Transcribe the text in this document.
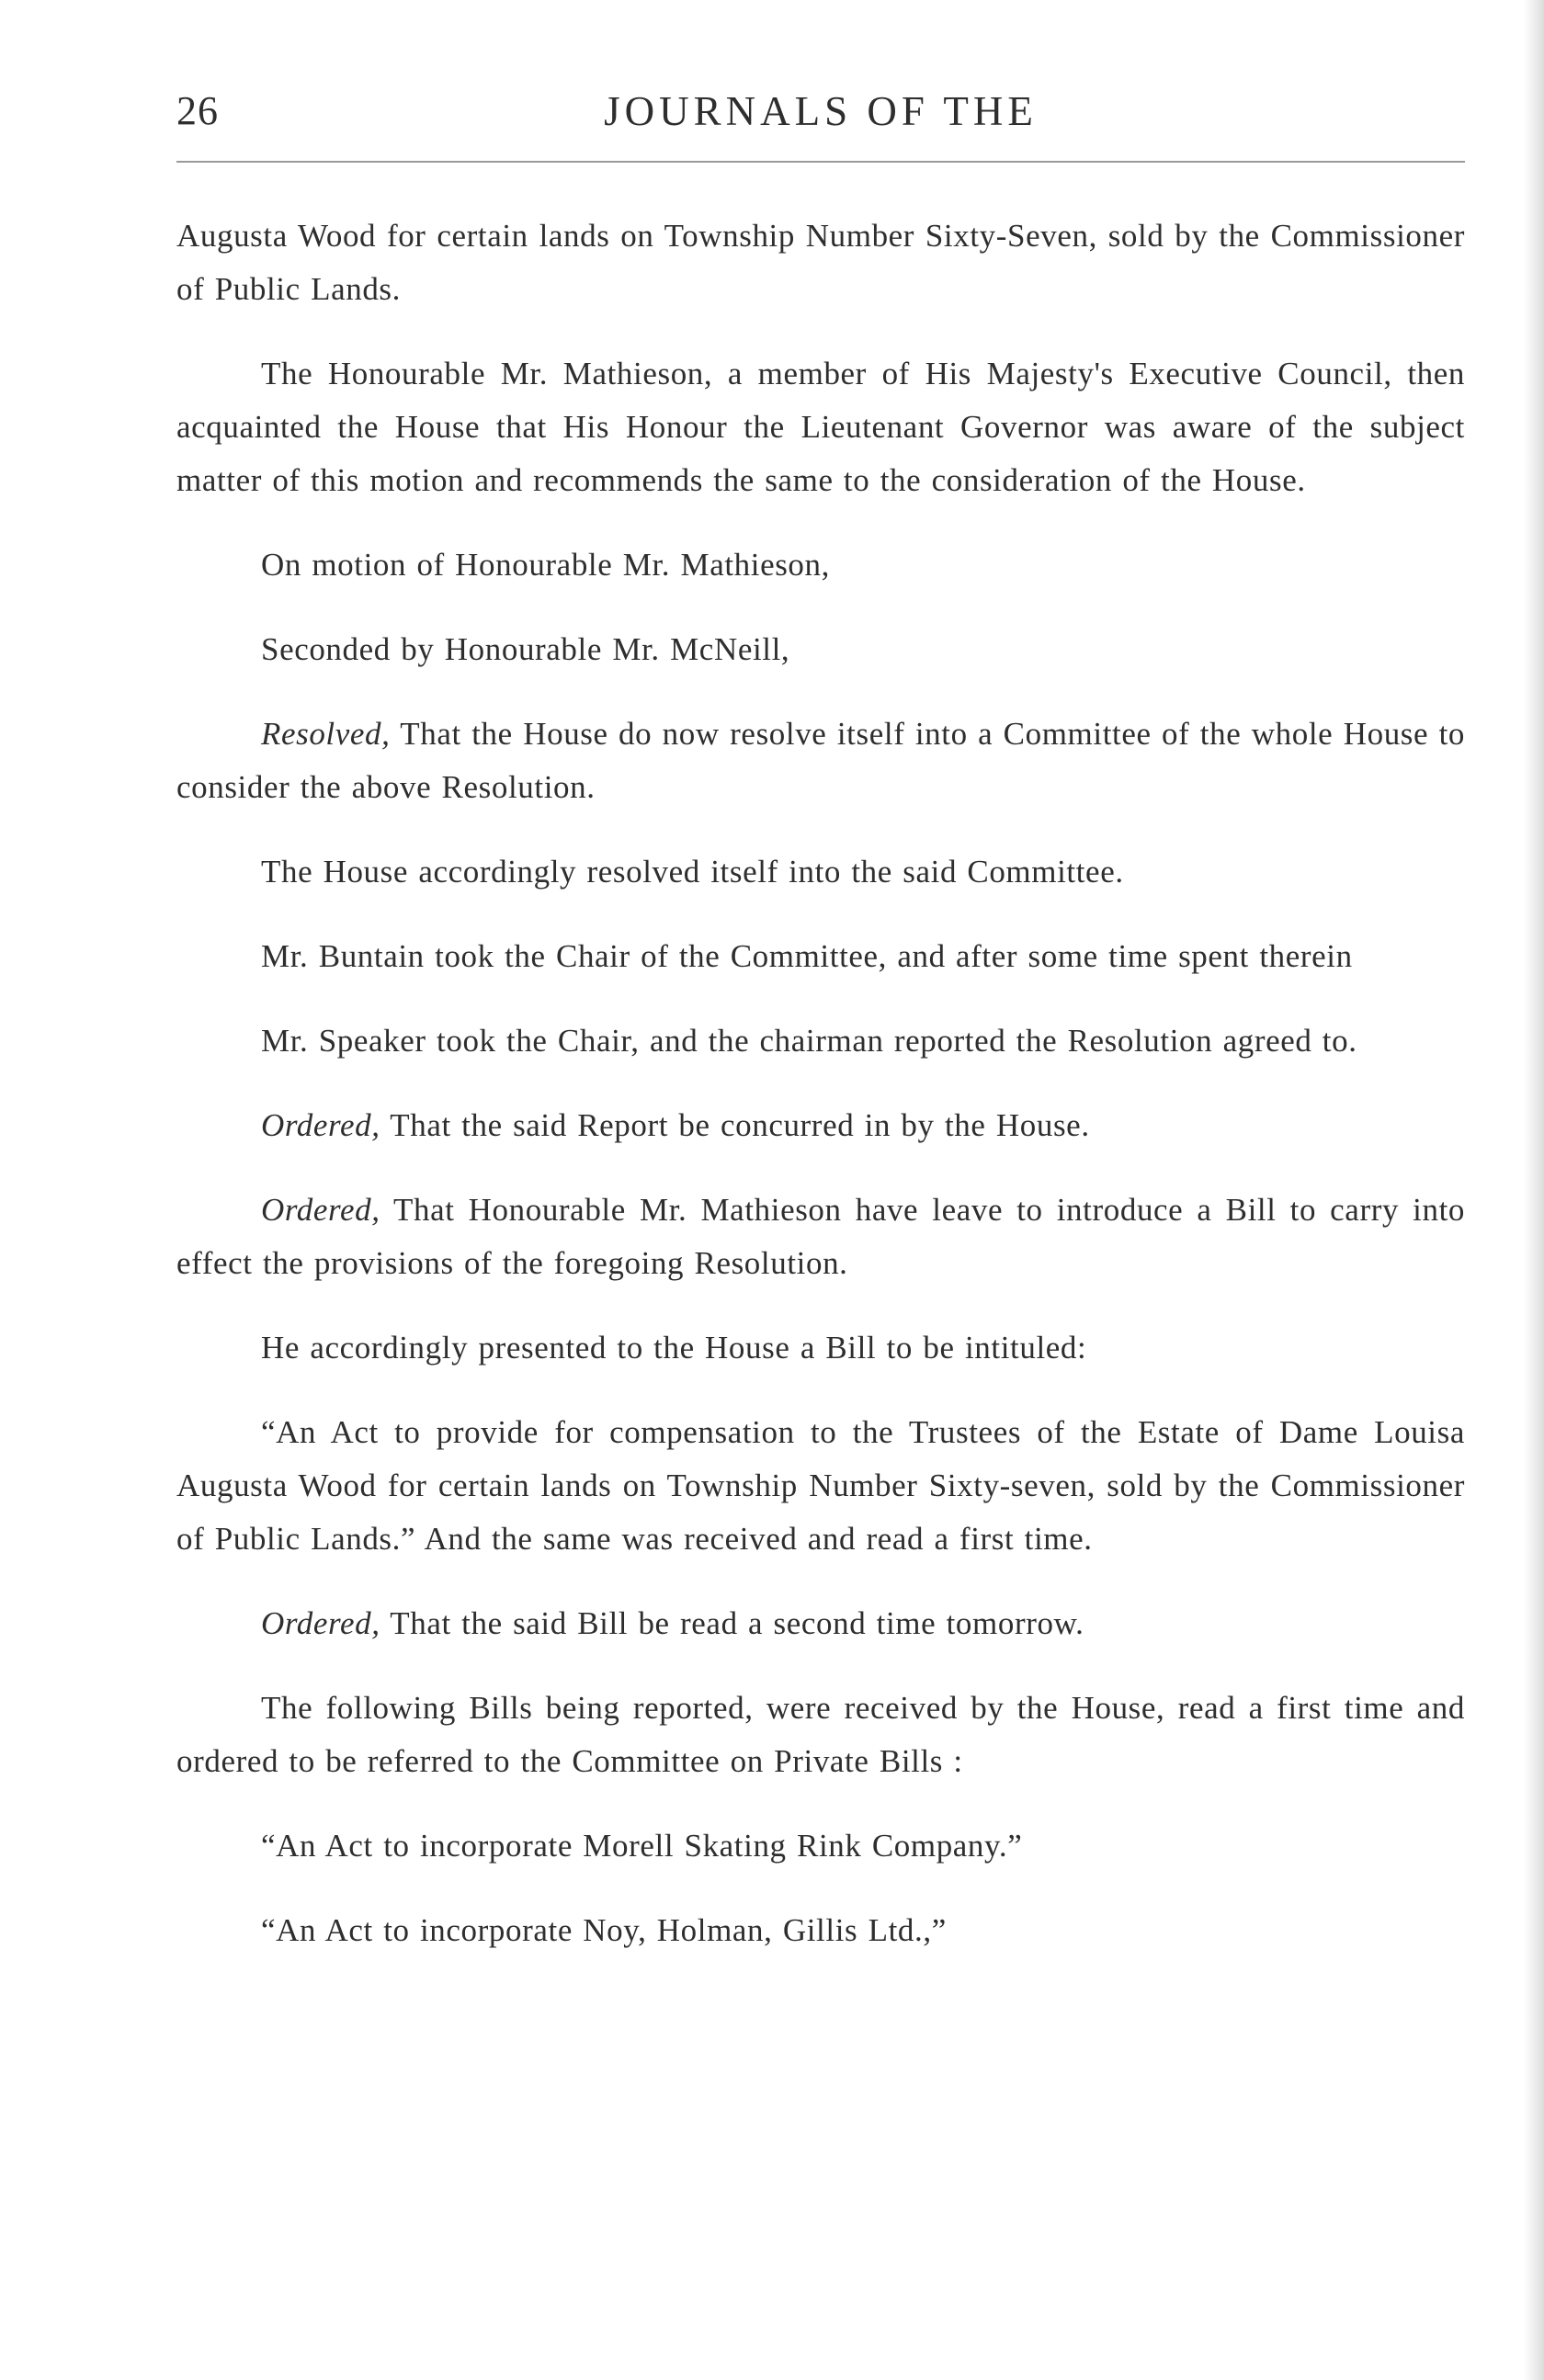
26	JOURNALS OF THE

Augusta Wood for certain lands on Township Number Sixty-Seven, sold by the Commissioner of Public Lands.

The Honourable Mr. Mathieson, a member of His Majesty's Executive Council, then acquainted the House that His Honour the Lieutenant Governor was aware of the subject matter of this motion and recommends the same to the consideration of the House.

On motion of Honourable Mr. Mathieson,

Seconded by Honourable Mr. McNeill,

Resolved, That the House do now resolve itself into a Committee of the whole House to consider the above Resolution.

The House accordingly resolved itself into the said Committee.

Mr. Buntain took the Chair of the Committee, and after some time spent therein

Mr. Speaker took the Chair, and the chairman reported the Resolution agreed to.

Ordered, That the said Report be concurred in by the House.

Ordered, That Honourable Mr. Mathieson have leave to introduce a Bill to carry into effect the provisions of the foregoing Resolution.

He accordingly presented to the House a Bill to be intituled:

“An Act to provide for compensation to the Trustees of the Estate of Dame Louisa Augusta Wood for certain lands on Township Number Sixty-seven, sold by the Commissioner of Public Lands.” And the same was received and read a first time.

Ordered, That the said Bill be read a second time tomorrow.

The following Bills being reported, were received by the House, read a first time and ordered to be referred to the Committee on Private Bills :

“An Act to incorporate Morell Skating Rink Company.”

“An Act to incorporate Noy, Holman, Gillis Ltd.,”
